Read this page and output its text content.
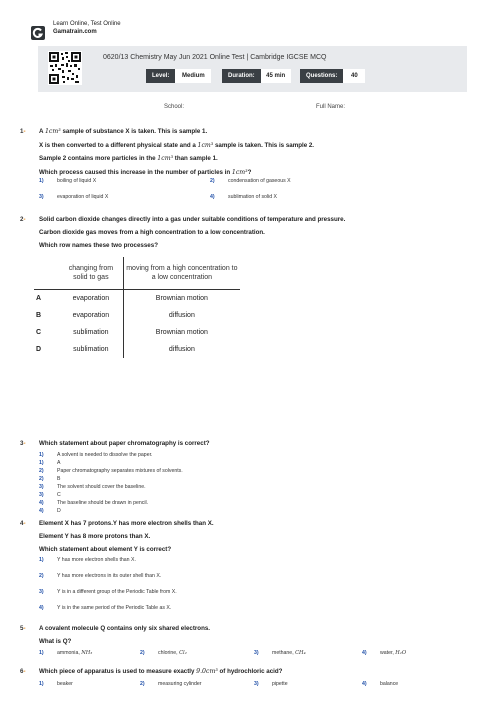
Learn Online, Test Online
Gamatrain.com
0620/13 Chemistry May Jun 2021 Online Test | Cambridge IGCSE MCQ
Level:	Medium	Duration:	45 min	Questions:	40
School:	Full Name:
1- A 1cm³ sample of substance X is taken. This is sample 1.
X is then converted to a different physical state and a 1cm³ sample is taken. This is sample 2.
Sample 2 contains more particles in the 1cm³ than sample 1.
Which process caused this increase in the number of particles in 1cm³?
1)	boiling of liquid X	2)	condensation of gaseous X
3)	evaporation of liquid X	4)	sublimation of solid X
2- Solid carbon dioxide changes directly into a gas under suitable conditions of temperature and pressure.
Carbon dioxide gas moves from a high concentration to a low concentration.
Which row names these two processes?
1)	A
2)	B
3)	C
4)	D
	changing from solid to gas	moving from a high concentration to a low concentration
A	evaporation	Brownian motion
B	evaporation	diffusion
C	sublimation	Brownian motion
D	sublimation	diffusion
3- Which statement about paper chromatography is correct?
1)	A solvent is needed to dissolve the paper.
2)	Paper chromatography separates mixtures of solvents.
3)	The solvent should cover the baseline.
4)	The baseline should be drawn in pencil.
4- Element X has 7 protons.Y has more electron shells than X.
Element Y has 8 more protons than X.
Which statement about element Y is correct?
1)	Y has more electron shells than X.
2)	Y has more electrons in its outer shell than X.
3)	Y is in a different group of the Periodic Table from X.
4)	Y is in the same period of the Periodic Table as X.
5- A covalent molecule Q contains only six shared electrons.
What is Q?
1)	ammonia, NH₃	2)	chlorine, Cl₂	3)	methane, CH₄	4)	water, H₂O
6- Which piece of apparatus is used to measure exactly 9.0cm³ of hydrochloric acid?
1)	beaker	2)	measuring cylinder	3)	pipette	4)	balance
